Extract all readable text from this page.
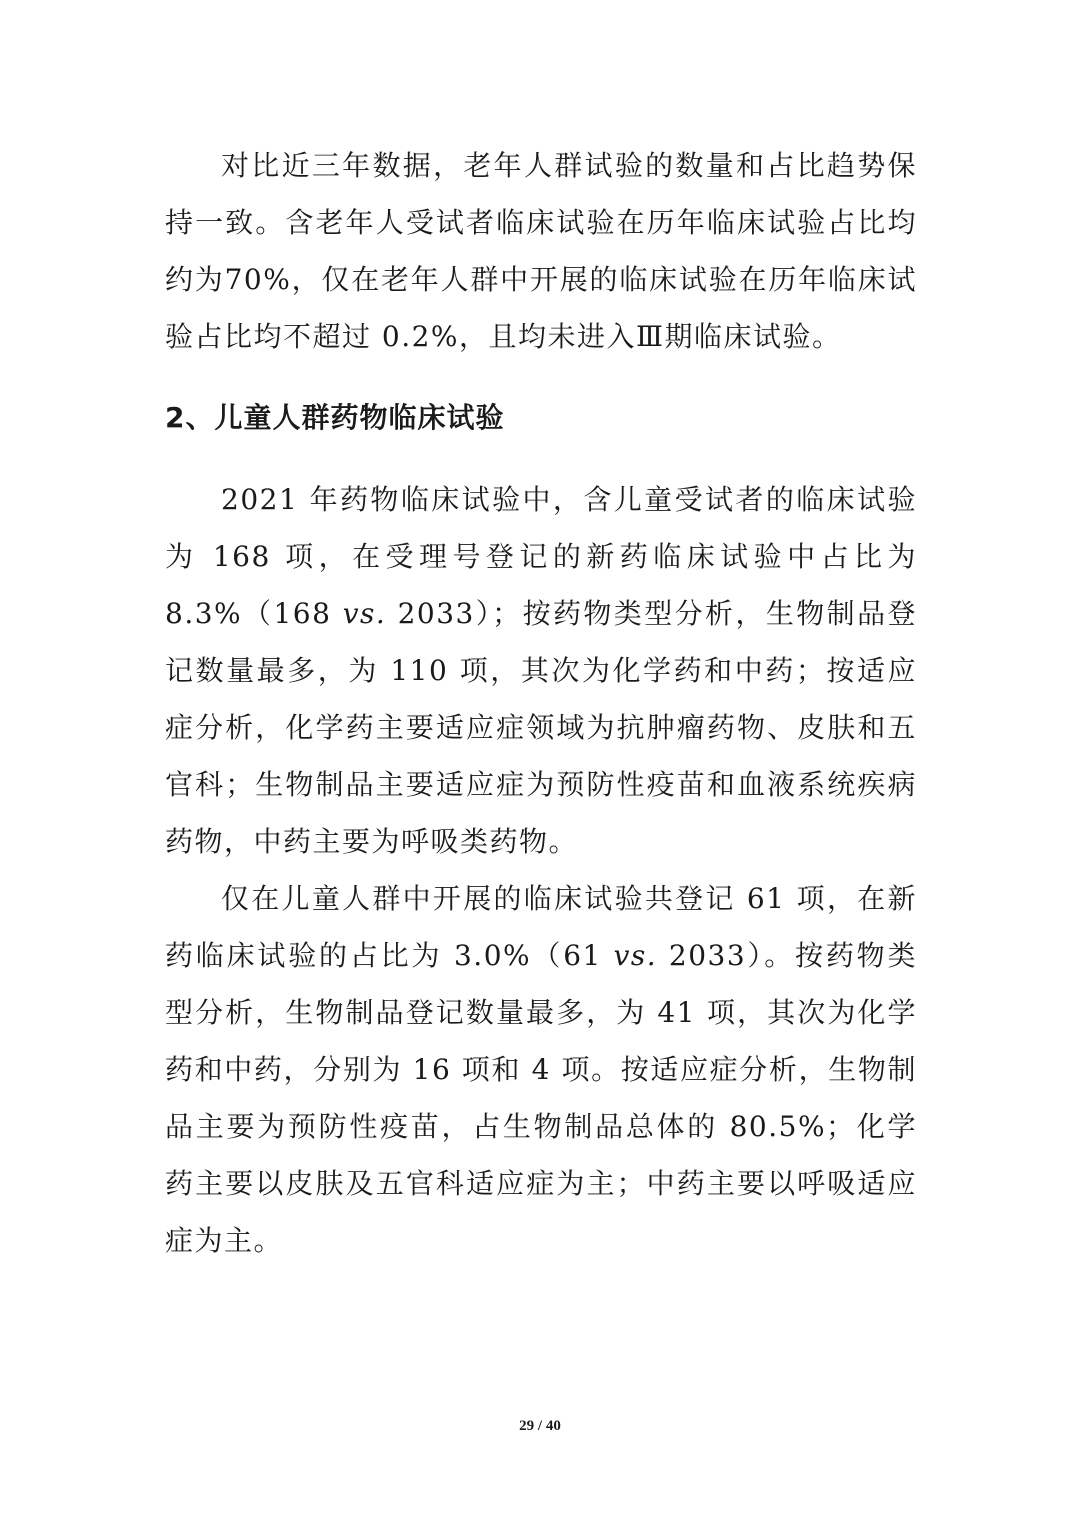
对比近三年数据，老年人群试验的数量和占比趋势保持一致。含老年人受试者临床试验在历年临床试验占比均约为70%，仅在老年人群中开展的临床试验在历年临床试验占比均不超过 0.2%，且均未进入Ⅲ期临床试验。

2、儿童人群药物临床试验

2021 年药物临床试验中，含儿童受试者的临床试验为 168 项，在受理号登记的新药临床试验中占比为 8.3%（168 vs. 2033）；按药物类型分析，生物制品登记数量最多，为 110 项，其次为化学药和中药；按适应症分析，化学药主要适应症领域为抗肿瘤药物、皮肤和五官科；生物制品主要适应症为预防性疫苗和血液系统疾病药物，中药主要为呼吸类药物。

仅在儿童人群中开展的临床试验共登记 61 项，在新药临床试验的占比为 3.0%（61 vs. 2033）。按药物类型分析，生物制品登记数量最多，为 41 项，其次为化学药和中药，分别为 16 项和 4 项。按适应症分析，生物制品主要为预防性疫苗，占生物制品总体的 80.5%；化学药主要以皮肤及五官科适应症为主；中药主要以呼吸适应症为主。

29 / 40
